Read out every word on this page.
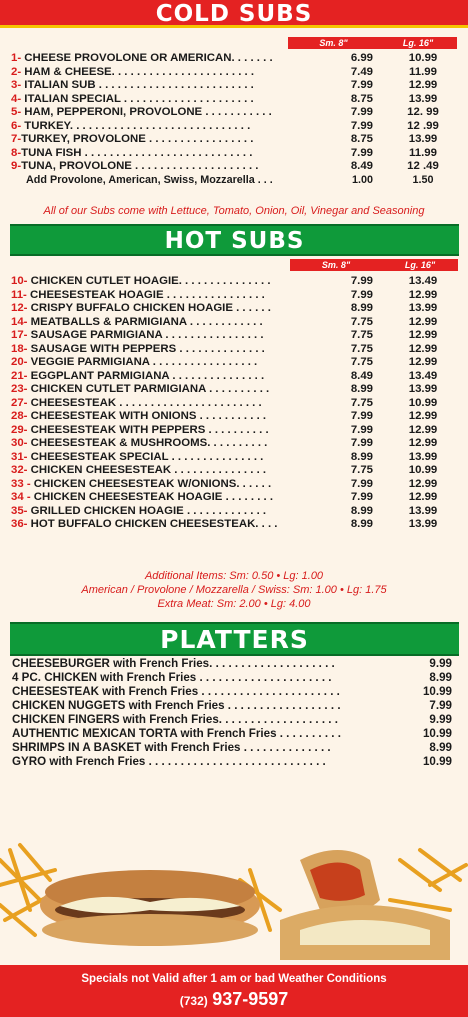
COLD SUBS
Sm. 8"	Lg. 16"
1- CHEESE PROVOLONE OR AMERICAN. . . . . . .	6.99	10.99
2- HAM & CHEESE. . . . . . . . . . . . . . . . . . . . . . .	7.49	11.99
3- ITALIAN SUB . . . . . . . . . . . . . . . . . . . . . . . . .	7.99	12.99
4- ITALIAN SPECIAL . . . . . . . . . . . . . . . . . . . . .	8.75	13.99
5- HAM, PEPPERONI, PROVOLONE . . . . . . . . . . .	7.99	12. 99
6- TURKEY. . . . . . . . . . . . . . . . . . . . . . . . . . . . .	7.99	12 .99
7-TURKEY, PROVOLONE . . . . . . . . . . . . . . . . .	8.75	13.99
8-TUNA FISH . . . . . . . . . . . . . . . . . . . . . . . . . . .	7.99	11.99
9-TUNA, PROVOLONE . . . . . . . . . . . . . . . . . . . .	8.49	12 .49
Add Provolone, American, Swiss, Mozzarella . . .	1.00	1.50
All of our Subs come with Lettuce, Tomato, Onion, Oil, Vinegar and Seasoning
HOT SUBS
Sm. 8"	Lg. 16"
10- CHICKEN CUTLET HOAGIE. . . . . . . . . . . . . . .	7.99	13.49
11- CHEESESTEAK HOAGIE . . . . . . . . . . . . . . . .	7.99	12.99
12- CRISPY BUFFALO CHICKEN HOAGIE . . . . . .	8.99	13.99
14- MEATBALLS & PARMIGIANA . . . . . . . . . . . .	7.75	12.99
17- SAUSAGE PARMIGIANA . . . . . . . . . . . . . . . .	7.75	12.99
18- SAUSAGE WITH PEPPERS . . . . . . . . . . . . . .	7.75	12.99
20- VEGGIE PARMIGIANA . . . . . . . . . . . . . . . . .	7.75	12.99
21- EGGPLANT PARMIGIANA . . . . . . . . . . . . . . .	8.49	13.49
23- CHICKEN CUTLET PARMIGIANA . . . . . . . . . .	8.99	13.99
27- CHEESESTEAK . . . . . . . . . . . . . . . . . . . . . . .	7.75	10.99
28- CHEESESTEAK WITH ONIONS . . . . . . . . . . .	7.99	12.99
29- CHEESESTEAK WITH PEPPERS . . . . . . . . . .	7.99	12.99
30- CHEESESTEAK & MUSHROOMS. . . . . . . . . .	7.99	12.99
31- CHEESESTEAK SPECIAL . . . . . . . . . . . . . . .	8.99	13.99
32- CHICKEN CHEESESTEAK . . . . . . . . . . . . . . .	7.75	10.99
33 - CHICKEN CHEESESTEAK W/ONIONS. . . . . .	7.99	12.99
34 - CHICKEN CHEESESTEAK HOAGIE . . . . . . . .	7.99	12.99
35- GRILLED CHICKEN HOAGIE . . . . . . . . . . . . .	8.99	13.99
36- HOT BUFFALO CHICKEN CHEESESTEAK. . . .	8.99	13.99
Additional Items: Sm: 0.50 • Lg: 1.00
American / Provolone / Mozzarella / Swiss: Sm: 1.00 • Lg: 1.75
Extra Meat: Sm: 2.00 • Lg: 4.00
PLATTERS
CHEESEBURGER with French Fries. . . . . . . . . . . . . . . . . . . .	9.99
4 PC. CHICKEN with French Fries . . . . . . . . . . . . . . . . . . . . .	8.99
CHEESESTEAK with French Fries . . . . . . . . . . . . . . . . . . . . . .	10.99
CHICKEN NUGGETS with French Fries . . . . . . . . . . . . . . . . . .	7.99
CHICKEN FINGERS with French Fries. . . . . . . . . . . . . . . . . . .	9.99
AUTHENTIC MEXICAN TORTA with French Fries . . . . . . . . . .	10.99
SHRIMPS IN A BASKET with French Fries . . . . . . . . . . . . . .	8.99
GYRO with French Fries . . . . . . . . . . . . . . . . . . . . . . . . . . . .	10.99
Specials not Valid after 1 am or bad Weather Conditions
(732) 937-9597
